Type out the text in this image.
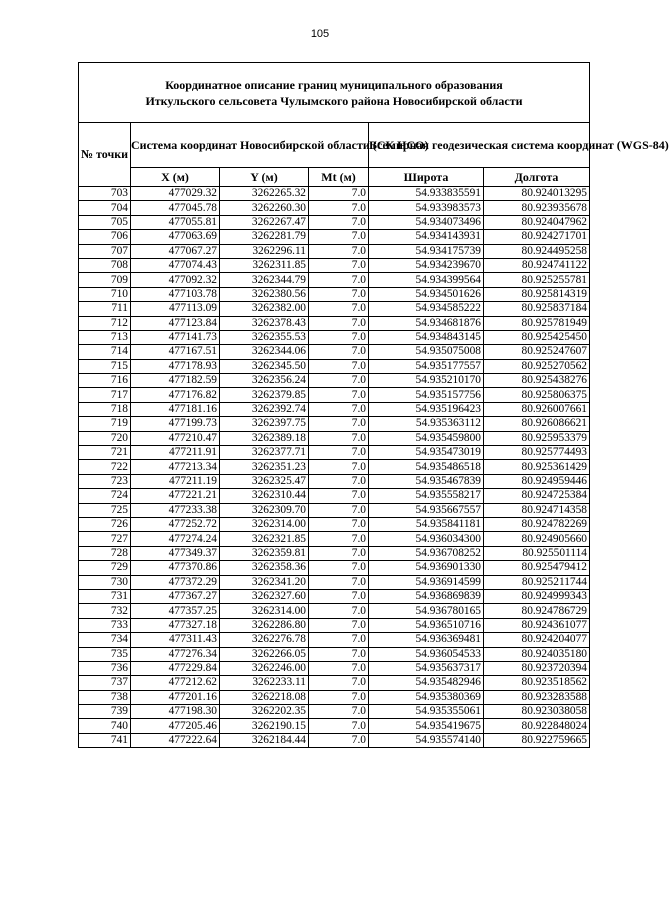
105
Координатное описание границ муниципального образования
Иткульского сельсовета Чулымского района Новосибирской области					

№ точки	Система координат Новосибирской области (СК НСО)			Всемирная геодезическая система координат (WGS-84)	
	X (м)	Y (м)	Mt (м)	Широта	Долгота
703	477029.32	3262265.32	7.0	54.933835591	80.924013295
704	477045.78	3262260.30	7.0	54.933983573	80.923935678
705	477055.81	3262267.47	7.0	54.934073496	80.924047962
706	477063.69	3262281.79	7.0	54.934143931	80.924271701
707	477067.27	3262296.11	7.0	54.934175739	80.924495258
708	477074.43	3262311.85	7.0	54.934239670	80.924741122
709	477092.32	3262344.79	7.0	54.934399564	80.925255781
710	477103.78	3262380.56	7.0	54.934501626	80.925814319
711	477113.09	3262382.00	7.0	54.934585222	80.925837184
712	477123.84	3262378.43	7.0	54.934681876	80.925781949
713	477141.73	3262355.53	7.0	54.934843145	80.925425450
714	477167.51	3262344.06	7.0	54.935075008	80.925247607
715	477178.93	3262345.50	7.0	54.935177557	80.925270562
716	477182.59	3262356.24	7.0	54.935210170	80.925438276
717	477176.82	3262379.85	7.0	54.935157756	80.925806375
718	477181.16	3262392.74	7.0	54.935196423	80.926007661
719	477199.73	3262397.75	7.0	54.935363112	80.926086621
720	477210.47	3262389.18	7.0	54.935459800	80.925953379
721	477211.91	3262377.71	7.0	54.935473019	80.925774493
722	477213.34	3262351.23	7.0	54.935486518	80.925361429
723	477211.19	3262325.47	7.0	54.935467839	80.924959446
724	477221.21	3262310.44	7.0	54.935558217	80.924725384
725	477233.38	3262309.70	7.0	54.935667557	80.924714358
726	477252.72	3262314.00	7.0	54.935841181	80.924782269
727	477274.24	3262321.85	7.0	54.936034300	80.924905660
728	477349.37	3262359.81	7.0	54.936708252	80.925501114
729	477370.86	3262358.36	7.0	54.936901330	80.925479412
730	477372.29	3262341.20	7.0	54.936914599	80.925211744
731	477367.27	3262327.60	7.0	54.936869839	80.924999343
732	477357.25	3262314.00	7.0	54.936780165	80.924786729
733	477327.18	3262286.80	7.0	54.936510716	80.924361077
734	477311.43	3262276.78	7.0	54.936369481	80.924204077
735	477276.34	3262266.05	7.0	54.936054533	80.924035180
736	477229.84	3262246.00	7.0	54.935637317	80.923720394
737	477212.62	3262233.11	7.0	54.935482946	80.923518562
738	477201.16	3262218.08	7.0	54.935380369	80.923283588
739	477198.30	3262202.35	7.0	54.935355061	80.923038058
740	477205.46	3262190.15	7.0	54.935419675	80.922848024
741	477222.64	3262184.44	7.0	54.935574140	80.922759665
